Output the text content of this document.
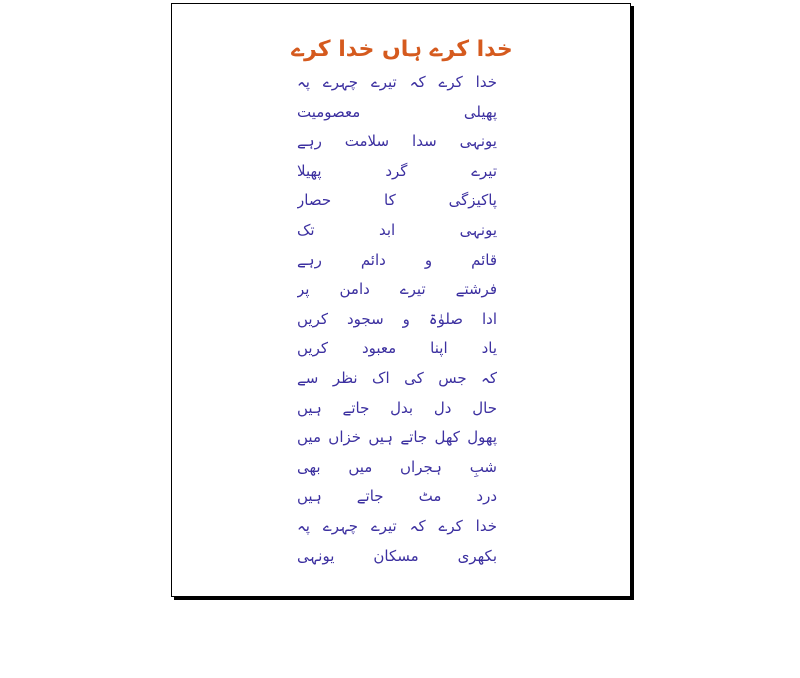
خدا کرے ہاں خدا کرے
خدا کرے کہ تیرے چہرے پہ
پھیلی معصومیت
یونہی سدا سلامت رہے
تیرے گرد پھیلا
پاکیزگی کا حصار
یونہی ابد تک
قائم و دائم رہے
فرشتے تیرے دامن پر
ادا صلوٰۃ و سجود کریں
یاد اپنا معبود کریں
کہ جس کی اک نظر سے
حال دل بدل جاتے ہیں
پھول کھل جاتے ہیں خزاں میں
شبِ ہجراں میں بھی
درد مٹ جاتے ہیں
خدا کرے کہ تیرے چہرے پہ
بکھری مسکان یونہی
